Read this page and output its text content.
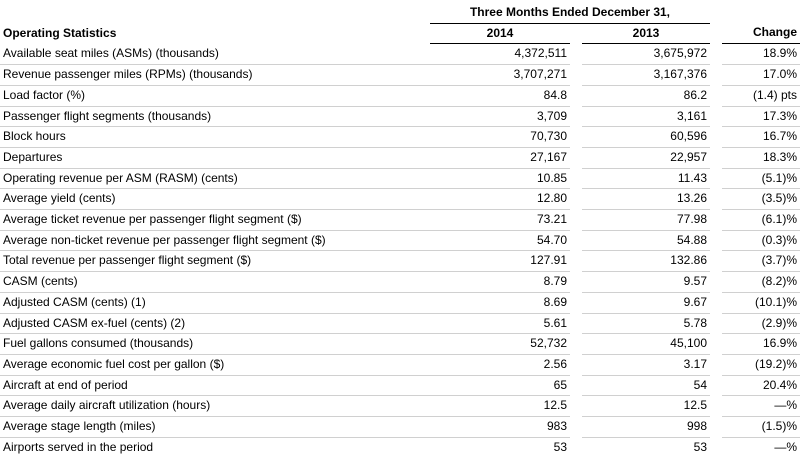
	Three Months Ended December 31,				
Operating Statistics	2014		2013		Change
Available seat miles (ASMs) (thousands)	4,372,511		3,675,972		18.9%
Revenue passenger miles (RPMs) (thousands)	3,707,271		3,167,376		17.0%
Load factor (%)	84.8		86.2		(1.4) pts
Passenger flight segments (thousands)	3,709		3,161		17.3%
Block hours	70,730		60,596		16.7%
Departures	27,167		22,957		18.3%
Operating revenue per ASM (RASM) (cents)	10.85		11.43		(5.1)%
Average yield (cents)	12.80		13.26		(3.5)%
Average ticket revenue per passenger flight segment ($)	73.21		77.98		(6.1)%
Average non-ticket revenue per passenger flight segment ($)	54.70		54.88		(0.3)%
Total revenue per passenger flight segment ($)	127.91		132.86		(3.7)%
CASM (cents)	8.79		9.57		(8.2)%
Adjusted CASM (cents) (1)	8.69		9.67		(10.1)%
Adjusted CASM ex-fuel (cents) (2)	5.61		5.78		(2.9)%
Fuel gallons consumed (thousands)	52,732		45,100		16.9%
Average economic fuel cost per gallon ($)	2.56		3.17		(19.2)%
Aircraft at end of period	65		54		20.4%
Average daily aircraft utilization (hours)	12.5		12.5		—%
Average stage length (miles)	983		998		(1.5)%
Airports served in the period	53		53		—%
